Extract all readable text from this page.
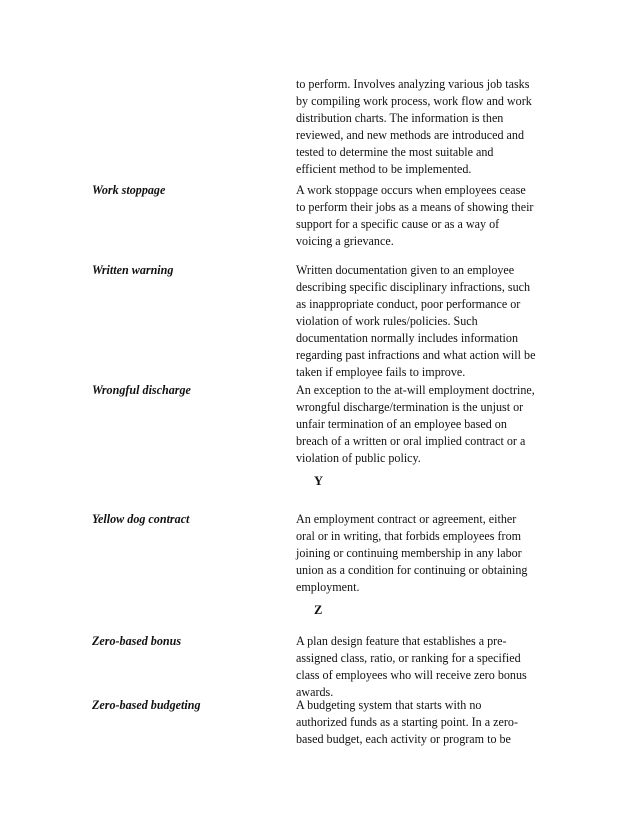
to perform. Involves analyzing various job tasks
by compiling work process, work flow and work
distribution charts. The information is then
reviewed, and new methods are introduced and
tested to determine the most suitable and
efficient method to be implemented.
Work stoppage	A work stoppage occurs when employees cease
to perform their jobs as a means of showing their
support for a specific cause or as a way of
voicing a grievance.
Written warning	Written documentation given to an employee
describing specific disciplinary infractions, such
as inappropriate conduct, poor performance or
violation of work rules/policies. Such
documentation normally includes information
regarding past infractions and what action will be
taken if employee fails to improve.
Wrongful discharge	An exception to the at-will employment doctrine,
wrongful discharge/termination is the unjust or
unfair termination of an employee based on
breach of a written or oral implied contract or a
violation of public policy.
Y
Yellow dog contract	An employment contract or agreement, either
oral or in writing, that forbids employees from
joining or continuing membership in any labor
union as a condition for continuing or obtaining
employment.
Z
Zero-based bonus	A plan design feature that establishes a pre-
assigned class, ratio, or ranking for a specified
class of employees who will receive zero bonus
awards.
Zero-based budgeting	A budgeting system that starts with no
authorized funds as a starting point. In a zero-
based budget, each activity or program to be
